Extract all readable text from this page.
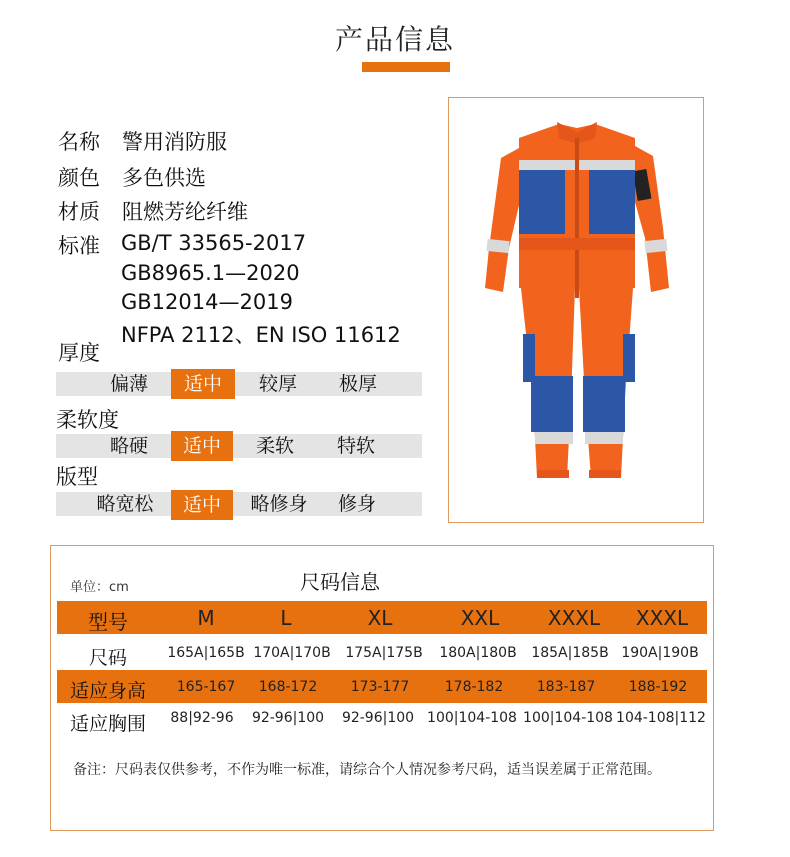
产品信息
名称 警用消防服
颜色 多色供选
材质 阻燃芳纶纤维
标准 GB/T 33565-2017
GB8965.1—2020
GB12014—2019
NFPA 2112、EN ISO 11612
厚度
偏薄	适中	较厚	极厚
柔软度
略硬	适中	柔软	特软
版型
略宽松	适中	略修身	修身
单位：cm	尺码信息
型号	M	L	XL	XXL	XXXL	XXXL
尺码	165A|165B 170A|170B 175A|175B 180A|180B 185A|185B 190A|190B
适应身高	165-167	168-172	173-177	178-182	183-187	188-192
适应胸围	88|92-96	92-96|100	92-96|100 100|104-108 100|104-108 104-108|112
备注：尺码表仅供参考，不作为唯一标准，请综合个人情况参考尺码，适当误差属于正常范围。
